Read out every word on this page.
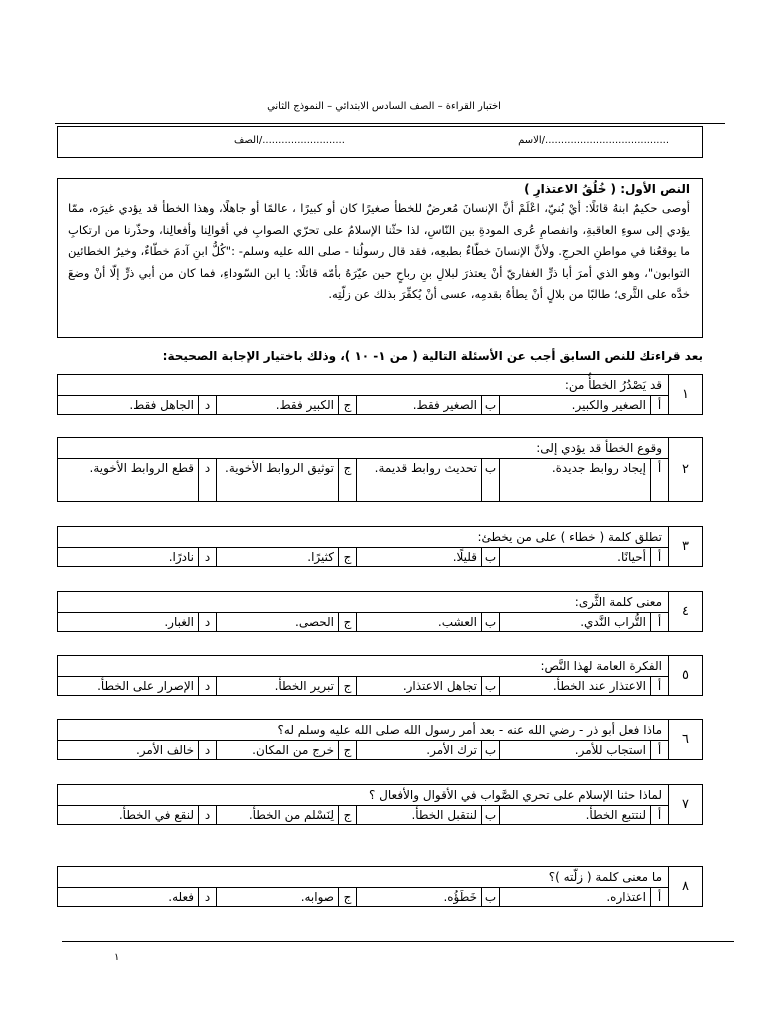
اختبار القراءة – الصف السادس الابتدائي – النموذج الثاني
الاسم/.......................................
الصف/..........................
النص الأول: ( خُلُقُ الاعتذارِ )
أوصى حكيمٌ ابنهُ قائلًا: أيْ بُنيّ، اعْلَمْ أنَّ الإنسانَ مُعرضٌ للخطأ صغيرًا كان أو كبيرًا ، عالمًا أو جاهلًا، وهذا الخطأ قد يؤدي غيرَه، ممّا يؤدي إلى سوءِ العاقبةِ، وانفصامِ عُرى المودةِ بين النّاسِ، لذا حثّنا الإسلامُ على تحرّي الصوابِ في أقوالِنا وأفعالِنا، وحذّرنا من ارتكابِ ما يوقعُنا في مواطنِ الحرجِ. ولأنَّ الإنسانَ خطّاءٌ بطبعِه، فقد قال رسولُنا - صلى الله عليه وسلم- :"كُلُّ ابنِ آدمَ خطّاءٌ، وخيرُ الخطائين التوابون"، وهو الذي أمرَ أبا ذرٍّ الغفاريّ أنْ يعتذرَ لبلالِ بنِ رباحٍ حين عيّرَهُ بأمّه قائلًا: يا ابن السّوداءِ، فما كان من أبي ذرٍّ إلّا أنْ وضعَ خدَّه على الثَّرى؛ طالبًا من بلالٍ أنْ يطأهُ بقدمِه، عسى أنْ يُكفِّرَ بذلك عن زلّتِه.
بعد قراءتك للنص السابق أجب عن الأسئلة التالية ( من ١- ١٠ )، وذلك باختيار الإجابة الصحيحة:
١
قد يَصْدُرُ الخطأُ من:
أ
الصغير والكبير.
ب
الصغير فقط.
ج
الكبير فقط.
د
الجاهل فقط.
٢
وقوع الخطأ قد يؤدي إلى:
أ
إيجاد روابط جديدة.
ب
تحديث روابط قديمة.
ج
توثيق الروابط الأخوية.
د
قطع الروابط الأخوية.
٣
تطلق كلمة ( خطاء ) على من يخطئ:
أ
أحيانًا.
ب
قليلًا.
ج
كثيرًا.
د
نادرًا.
٤
معنى كلمة الثَّرى:
أ
التُّراب النَّدي.
ب
العشب.
ج
الحصى.
د
الغبار.
٥
الفكرة العامة لهذا النَّص:
أ
الاعتذار عند الخطأ.
ب
تجاهل الاعتذار.
ج
تبرير الخطأ.
د
الإصرار على الخطأ.
٦
ماذا فعل أبو ذر - رضي الله عنه - بعد أمر رسول الله صلى الله عليه وسلم له؟
أ
استجاب للأمر.
ب
ترك الأمر.
ج
خرج من المكان.
د
خالف الأمر.
٧
لماذا حثنا الإسلام على تحري الصَّواب في الأقوال والأفعال ؟
أ
لنتتبع الخطأ.
ب
لنتقبل الخطأ.
ج
لِنَسْلم من الخطأ.
د
لنقع في الخطأ.
٨
ما معنى كلمة ( زلّته )؟
أ
اعتذاره.
ب
خَطَؤُه.
ج
صوابه.
د
فعله.
١
